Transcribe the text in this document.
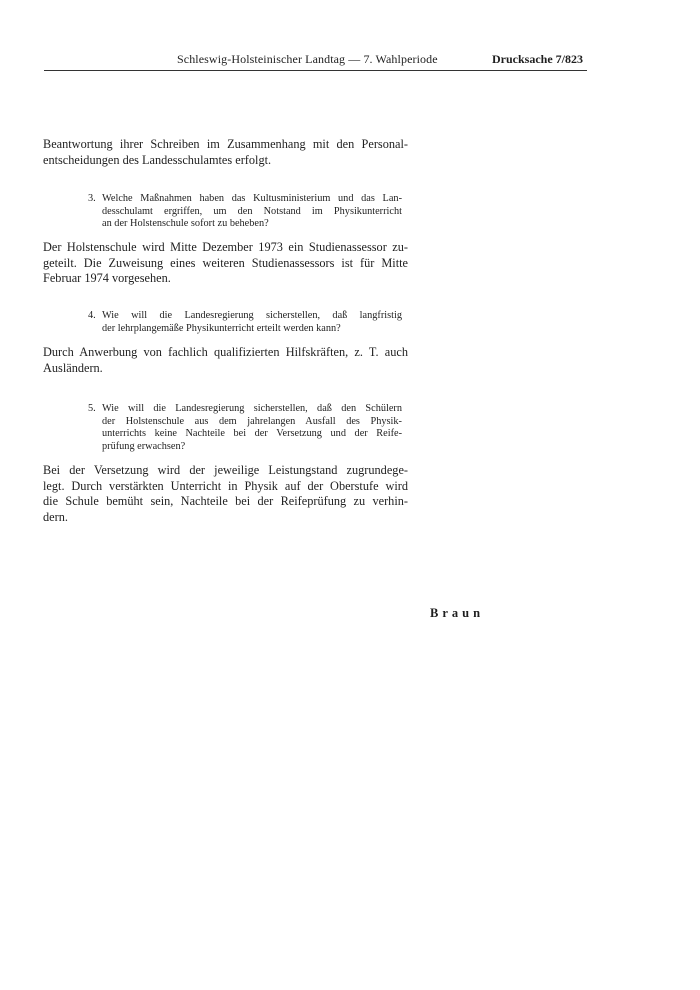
Schleswig-Holsteinischer Landtag — 7. Wahlperiode	Drucksache 7/823
Beantwortung ihrer Schreiben im Zusammenhang mit den Personal-
entscheidungen des Landesschulamtes erfolgt.
3. Welche Maßnahmen haben das Kultusministerium und das Lan-
desschulamt ergriffen, um den Notstand im Physikunterricht
an der Holstenschule sofort zu beheben?
Der Holstenschule wird Mitte Dezember 1973 ein Studienassessor zu-
geteilt. Die Zuweisung eines weiteren Studienassessors ist für Mitte
Februar 1974 vorgesehen.
4. Wie will die Landesregierung sicherstellen, daß langfristig
der lehrplangemäße Physikunterricht erteilt werden kann?
Durch Anwerbung von fachlich qualifizierten Hilfskräften, z. T. auch
Ausländern.
5. Wie will die Landesregierung sicherstellen, daß den Schülern
der Holstenschule aus dem jahrelangen Ausfall des Physik-
unterrichts keine Nachteile bei der Versetzung und der Reife-
prüfung erwachsen?
Bei der Versetzung wird der jeweilige Leistungstand zugrundege-
legt. Durch verstärkten Unterricht in Physik auf der Oberstufe wird
die Schule bemüht sein, Nachteile bei der Reifeprüfung zu verhin-
dern.
Braun
